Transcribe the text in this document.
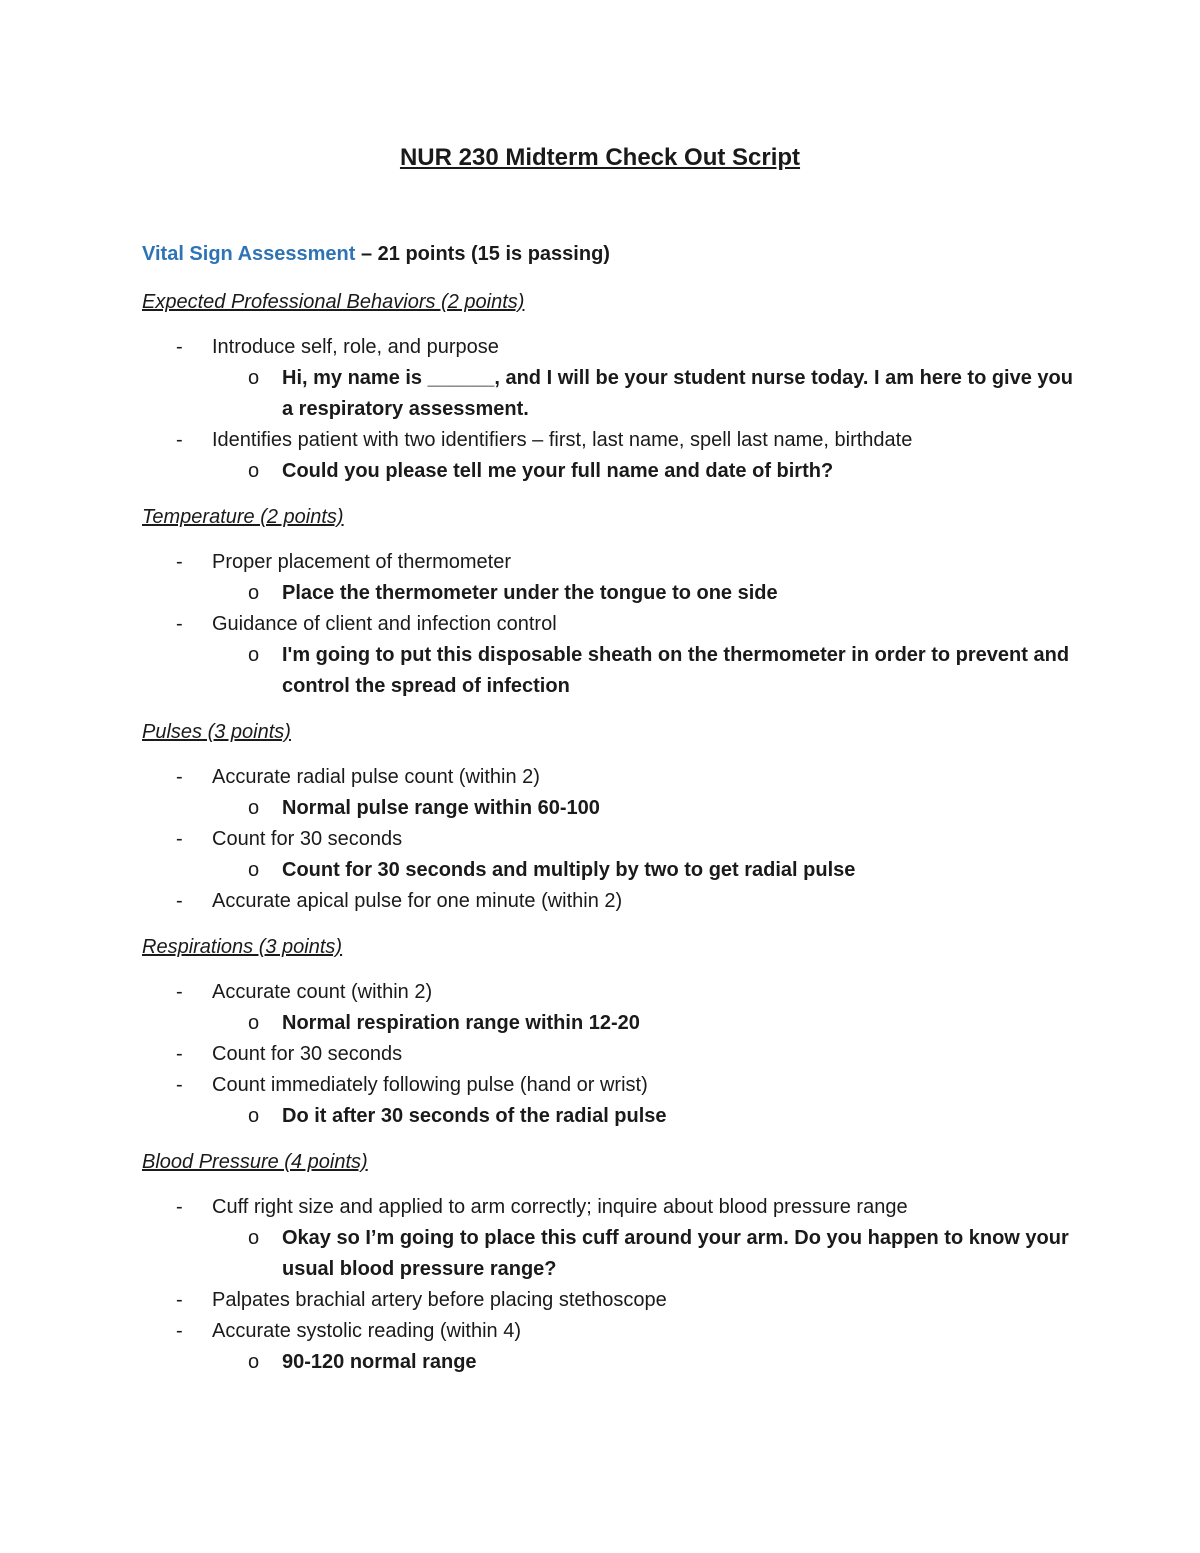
NUR 230 Midterm Check Out Script

Vital Sign Assessment – 21 points (15 is passing)

Expected Professional Behaviors (2 points)
- Introduce self, role, and purpose
o Hi, my name is ______, and I will be your student nurse today. I am here to give you a respiratory assessment.
- Identifies patient with two identifiers – first, last name, spell last name, birthdate
o Could you please tell me your full name and date of birth?
Temperature (2 points)
- Proper placement of thermometer
o Place the thermometer under the tongue to one side
- Guidance of client and infection control
o I'm going to put this disposable sheath on the thermometer in order to prevent and control the spread of infection
Pulses (3 points)
- Accurate radial pulse count (within 2)
o Normal pulse range within 60-100
- Count for 30 seconds
o Count for 30 seconds and multiply by two to get radial pulse
- Accurate apical pulse for one minute (within 2)
Respirations (3 points)
- Accurate count (within 2)
o Normal respiration range within 12-20
- Count for 30 seconds
- Count immediately following pulse (hand or wrist)
o Do it after 30 seconds of the radial pulse
Blood Pressure (4 points)
- Cuff right size and applied to arm correctly; inquire about blood pressure range
o Okay so I’m going to place this cuff around your arm. Do you happen to know your usual blood pressure range?
- Palpates brachial artery before placing stethoscope
- Accurate systolic reading (within 4)
o 90-120 normal range
